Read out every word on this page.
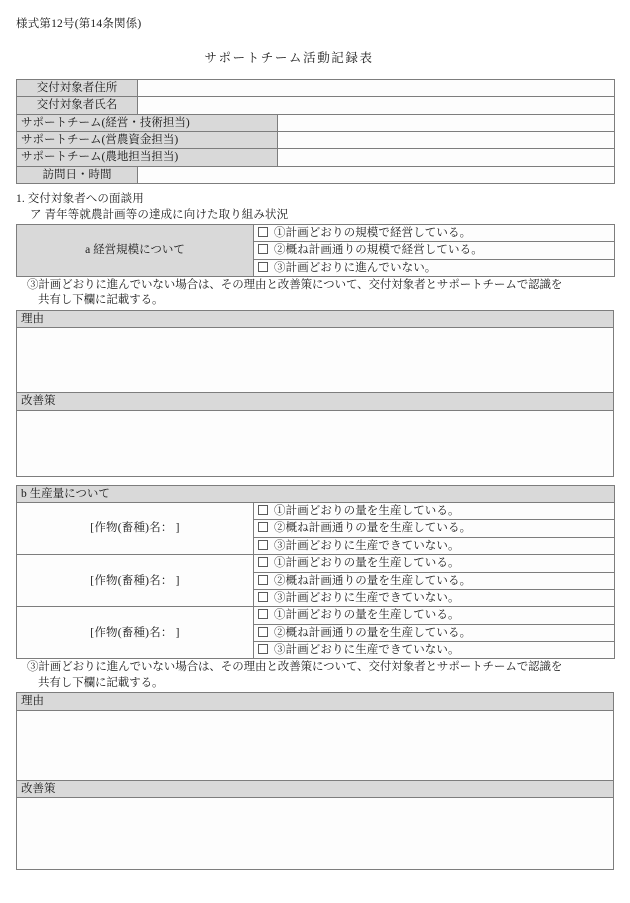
様式第12号(第14条関係)
サポートチーム活動記録表
交付対象者住所		
交付対象者氏名		
サポートチーム(経営・技術担当)		
サポートチーム(営農資金担当)		
サポートチーム(農地担当担当)		
訪問日・時間		
1. 交付対象者への面談用
ア 青年等就農計画等の達成に向けた取り組み状況
a 経営規模について	①計画どおりの規模で経営している。
②概ね計画通りの規模で経営している。
③計画どおりに進んでいない。
③計画どおりに進んでいない場合は、その理由と改善策について、交付対象者とサポートチームで認識を
共有し下欄に記載する。
理由

改善策

b 生産量について	
[作物(畜種)名： ]	①計画どおりの量を生産している。
	②概ね計画通りの量を生産している。
	③計画どおりに生産できていない。
[作物(畜種)名： ]	①計画どおりの量を生産している。
	②概ね計画通りの量を生産している。
	③計画どおりに生産できていない。
[作物(畜種)名： ]	①計画どおりの量を生産している。
	②概ね計画通りの量を生産している。
	③計画どおりに生産できていない。
③計画どおりに進んでいない場合は、その理由と改善策について、交付対象者とサポートチームで認識を
共有し下欄に記載する。
理由

改善策
